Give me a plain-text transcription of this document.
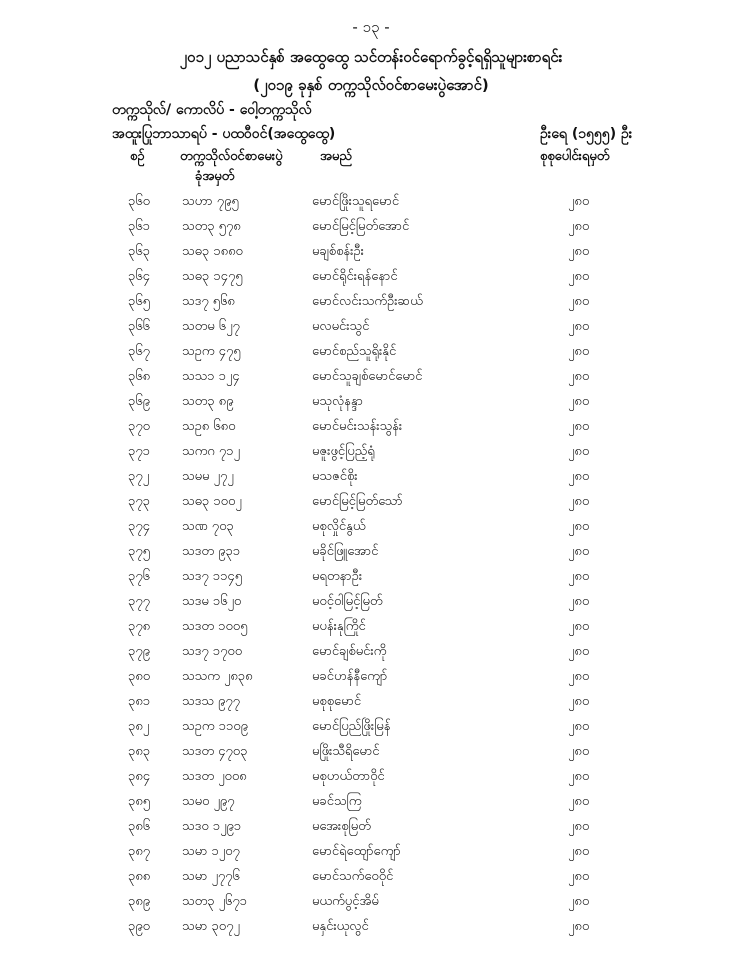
- ၁၃ -
၂၀၁၂ ပညာသင်နှစ် အထွေထွေ သင်တန်းဝင်ရောက်ခွင့်ရရှိသူများစာရင်း
(၂၀၁၉ ခုနှစ် တက္ကသိုလ်ဝင်စာမေးပွဲအောင်)
တက္ကသိုလ်/ ကောလိပ် - ဝေါ့တက္ကသိုလ်
အထူးပြုဘာသာရပ် - ပထဝီဝင်(အထွေထွေ)	ဦးရေ (၁၅၅၅) ဦး
စဉ်	တက္ကသိုလ်ဝင်စာမေးပွဲ	အမည်	စုစုပေါင်းရမှတ်
ခုံအမှတ်
၃၆၀ သဟာ ၇၉၅	မောင်ဖြိုးသူရမောင်	၂၈၀
၃၆၁ သတ၃ ၅၇၈	မောင်မြင့်မြတ်အောင်	၂၈၀
၃၆၃ သဓ၃ ၁၈၈၀	မချစ်စန်းဦး	၂၈၀
၃၆၄ သဓ၃ ၁၄၇၅	မောင်ရိုင်းရန်နောင်	၂၈၀
၃၆၅ သဒ၇ ၅၆၈	မောင်လင်းသက်ဦးဆယ်	၂၈၀
၃၆၆ သတမ ၆၂၇	မလမင်းသွင်	၂၈၀
၃၆၇ သဥက ၄၇၅	မောင်စည်သူရိုးနိုင်	၂၈၀
၃၆၈ သသ၁ ၁၂၄	မောင်သူချစ်မောင်မောင်	၂၈၀
၃၆၉ သတ၃ ၈၉	မသုလုံနန္ဒာ	၂၈၀
၃၇၀ သဥ၈ ၆၈၀	မောင်မင်းသန်းသွန်း	၂၈၀
၃၇၁ သကဂ ၇၁၂	မဇူးဖွင့်ပြည့်ရုံ	၂၈၀
၃၇၂	သမမ ၂၇၂	မသဇင်စိုး	၂၈၀
၃၇၃ သဓ၃ ၁၀၀၂	မောင်မြင့်မြတ်သော်	၂၈၀
၃၇၄ သဏ ၇၀၃	မစုလှိုင်နွယ်	၂၈၀
၃၇၅ သဒတ ၉၃၁	မခိုင်ဖြူအောင်	၂၈၀
၃၇၆ သဒ၇ ၁၁၄၅	မရတနာဦး	၂၈၀
၃၇၇ သဒမ ၁၆၂၀	မဝင့်ဝါမြင့်မြတ်	၂၈၀
၃၇၈ သဒတ ၁၀၀၅	မပန်းနုကြိုင်	၂၈၀
၃၇၉ သဒ၇ ၁၇၀၀	မောင်ချစ်မင်းကို	၂၈၀
၃၈၀ သသက ၂၈၃၈	မခင်ဟန်နီကျော်	၂၈၀
၃၈၁ သဒသ ၉၇၇	မစုစုမောင်	၂၈၀
၃၈၂	သဥက ၁၁၀၉	မောင်ပြည်ဖြိုးမြန်	၂၈၀
၃၈၃ သဒတ ၄၇၀၃	မဖြိုးသီရိမောင်	၂၈၀
၃၈၄ သဒတ ၂၀၀၈	မစုဟယ်တာဝိုင်	၂၈၀
၃၈၅ သမ၀ ၂၉၇	မခင်သကြ	၂၈၀
၃၈၆ သဒ၀ ၁၂၉၁	မအေးစုမြတ်	၂၈၀
၃၈၇ သမာ ၁၂၀၇	မောင်ရဲထျော်ကျော်	၂၈၀
၃၈၈ သမာ ၂၇၇၆	မောင်သက်ဝေဝိုင်	၂၈၀
၃၈၉ သတ၃ ၂၆၇၁	မယက်ပွင့်အိမ်	၂၈၀
၃၉၀ သမာ ၃၀၇၂	မနှင်းယုလွင်	၂၈၀
